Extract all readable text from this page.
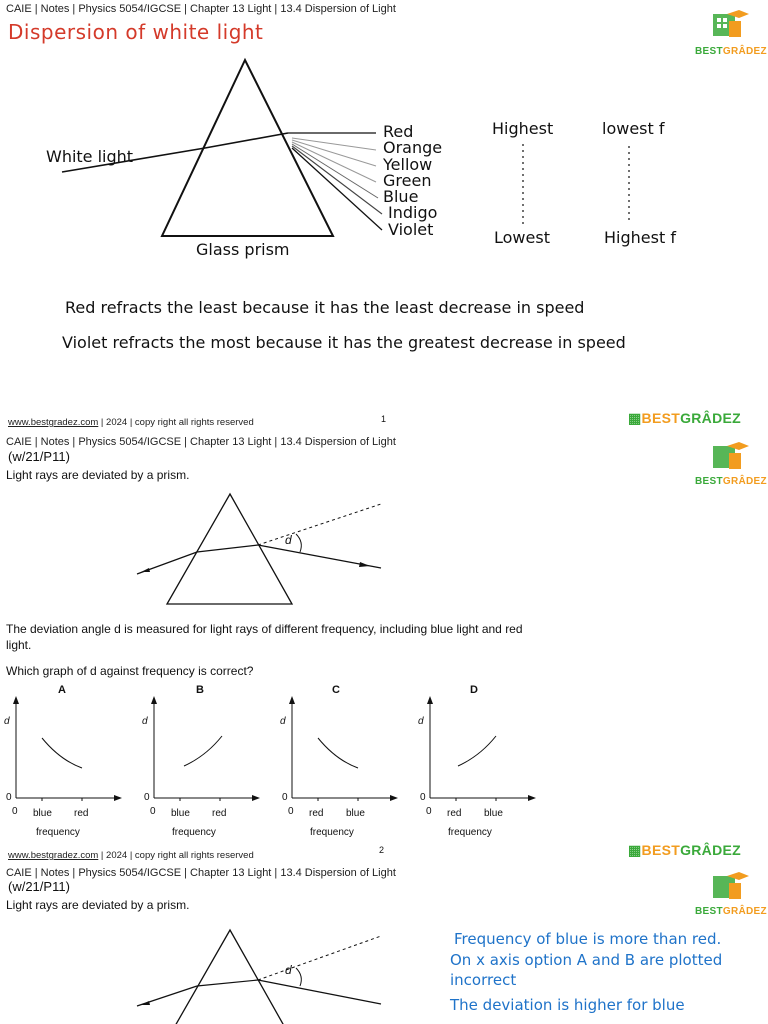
CAIE | Notes | Physics 5054/IGCSE | Chapter 13 Light | 13.4 Dispersion of Light
Dispersion of white light
BESTGRÂDEZ
White light
Glass prism
Red
Orange
Yellow
Green
Blue
Indigo
Violet
Highest
Lowest
lowest f
Highest f
Red refracts the least because it has the least decrease in speed
Violet refracts the most because it has the greatest decrease in speed
www.bestgradez.com | 2024 | copy right all rights reserved	1	▦BESTGRÂDEZ
CAIE | Notes | Physics 5054/IGCSE | Chapter 13 Light | 13.4 Dispersion of Light
(w/21/P11)
Light rays are deviated by a prism.	BESTGRÂDEZ
d
The deviation angle d is measured for light rays of different frequency, including blue light and red light.
Which graph of d against frequency is correct?
A
d
0
0 blue red
frequency
B
d
0
0 blue red
frequency
C
d
0
0 red blue
frequency
D
d
0
0 red blue
frequency
www.bestgradez.com | 2024 | copy right all rights reserved	2	▦BESTGRÂDEZ
CAIE | Notes | Physics 5054/IGCSE | Chapter 13 Light | 13.4 Dispersion of Light
(w/21/P11)
Light rays are deviated by a prism.	BESTGRÂDEZ
d
Frequency of blue is more than red.
On x axis option A and B are plotted
incorrect
The deviation is higher for blue
